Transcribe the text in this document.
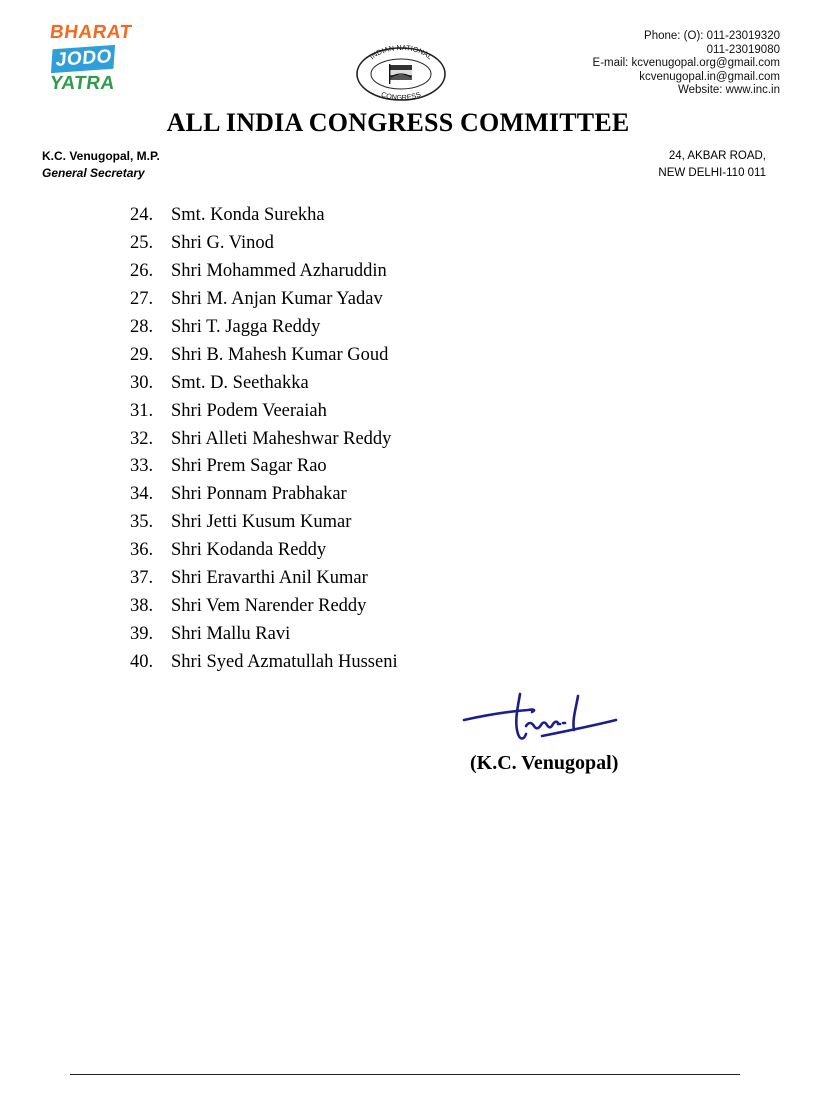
BHARAT
JODO
YATRA
INDIAN NATIONAL
CONGRESS
Phone: (O): 011-23019320
011-23019080
E-mail: kcvenugopal.org@gmail.com
kcvenugopal.in@gmail.com
Website: www.inc.in
ALL INDIA CONGRESS COMMITTEE
K.C. Venugopal, M.P.
General Secretary
24, AKBAR ROAD,
NEW DELHI-110 011
24. Smt. Konda Surekha
25. Shri G. Vinod
26. Shri Mohammed Azharuddin
27. Shri M. Anjan Kumar Yadav
28. Shri T. Jagga Reddy
29. Shri B. Mahesh Kumar Goud
30. Smt. D. Seethakka
31. Shri Podem Veeraiah
32. Shri Alleti Maheshwar Reddy
33. Shri Prem Sagar Rao
34. Shri Ponnam Prabhakar
35. Shri Jetti Kusum Kumar
36. Shri Kodanda Reddy
37. Shri Eravarthi Anil Kumar
38. Shri Vem Narender Reddy
39. Shri Mallu Ravi
40. Shri Syed Azmatullah Husseni
(K.C. Venugopal)
